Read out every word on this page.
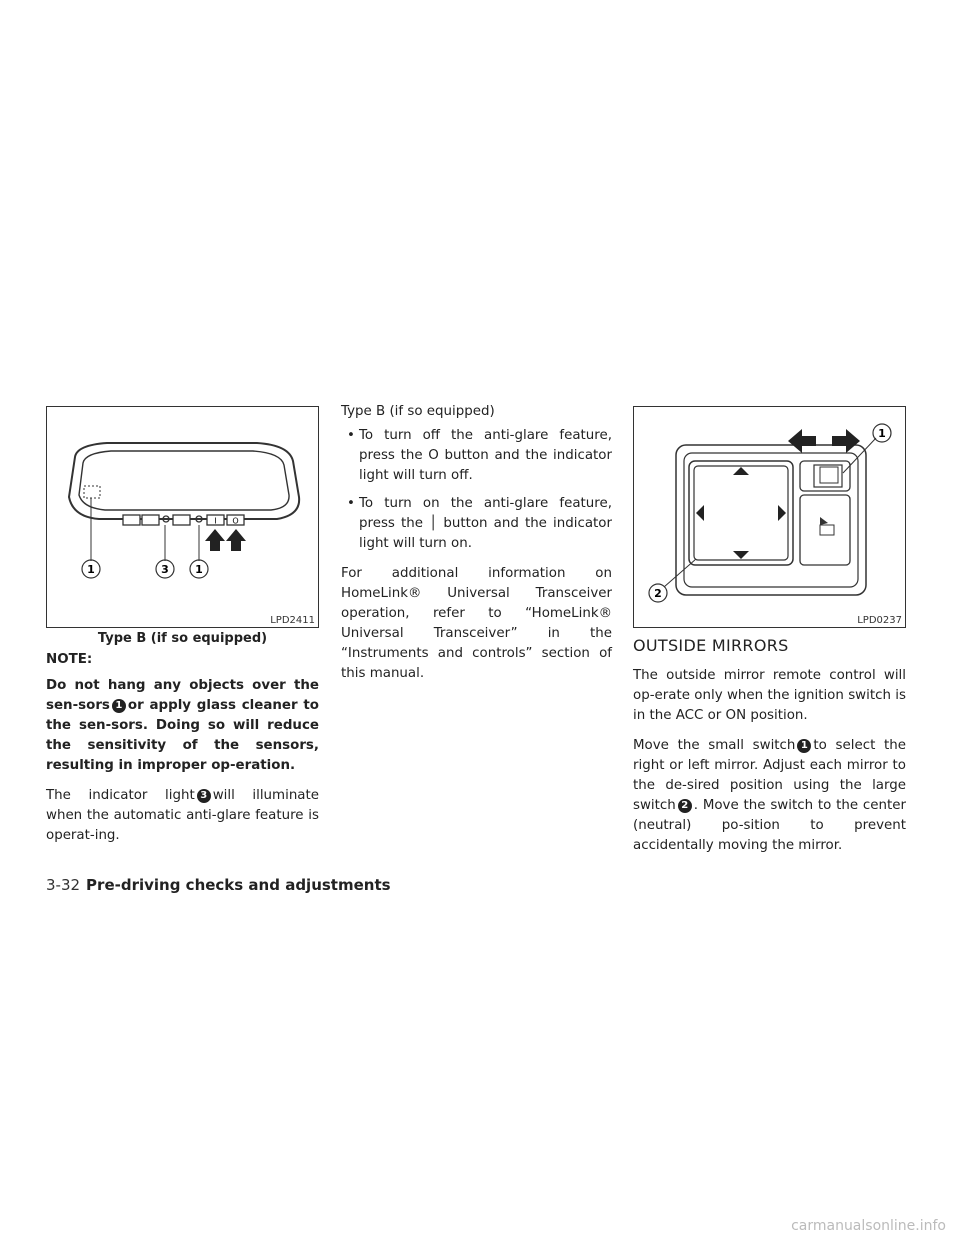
I O
1	3 1
LPD2411
Type B (if so equipped)

NOTE:

Do not hang any objects over the sen-sors 1 or apply glass cleaner to the sen-sors. Doing so will reduce the sensitivity of the sensors, resulting in improper op-eration.

The indicator light 3 will illuminate when the automatic anti-glare feature is operat-ing.

Type B (if so equipped)

• To turn off the anti-glare feature, press the O button and the indicator light will turn off.
• To turn on the anti-glare feature, press the │ button and the indicator light will turn on.

For additional information on HomeLink® Universal Transceiver operation, refer to “HomeLink® Universal Transceiver” in the “Instruments and controls” section of this manual.

1
2
LPD0237

OUTSIDE MIRRORS

The outside mirror remote control will op-erate only when the ignition switch is in the ACC or ON position.

Move the small switch 1 to select the right or left mirror. Adjust each mirror to the de-sired position using the large switch 2 . Move the switch to the center (neutral) po-sition to prevent accidentally moving the mirror.

3-32 Pre-driving checks and adjustments
carmanualsonline.info
